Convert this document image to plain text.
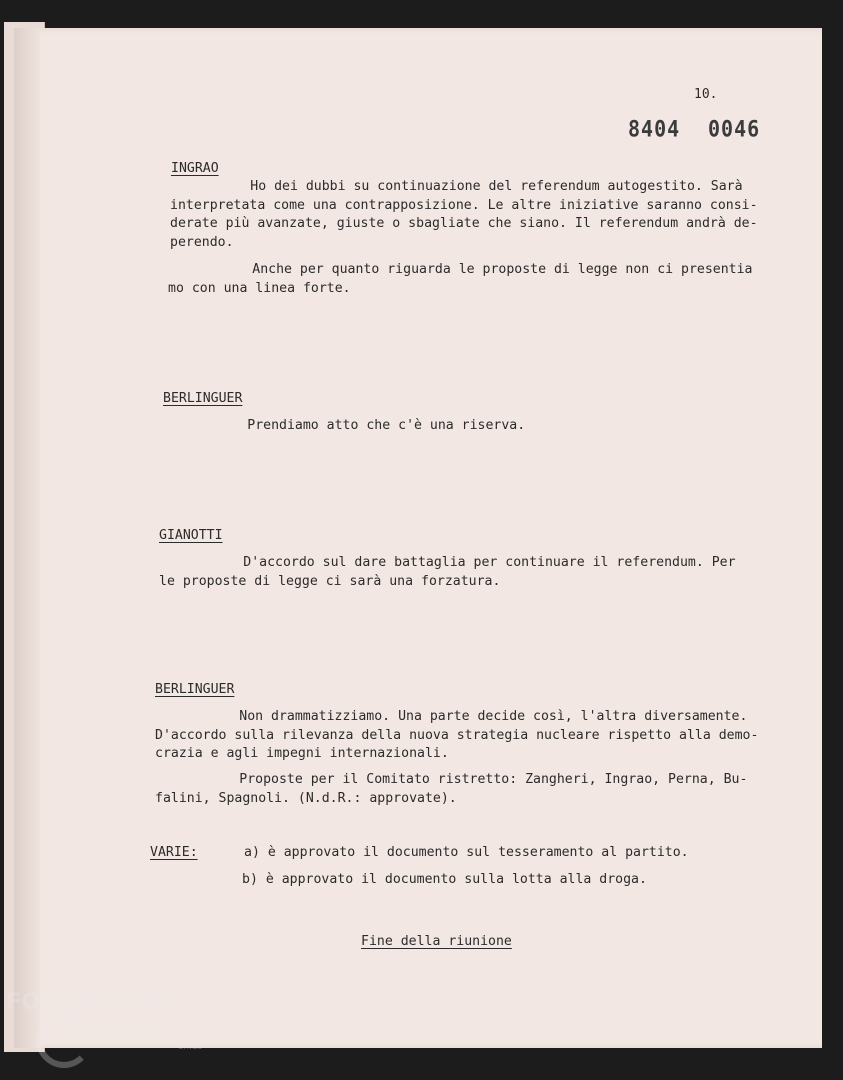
10.
8404 0046
INGRAO
Ho dei dubbi su continuazione del referendum autogestito. Sarà
interpretata come una contrapposizione. Le altre iniziative saranno consi-
derate più avanzate, giuste o sbagliate che siano. Il referendum andrà de-
perendo.
Anche per quanto riguarda le proposte di legge non ci presentia
mo con una linea forte.
BERLINGUER
Prendiamo atto che c'è una riserva.
GIANOTTI
D'accordo sul dare battaglia per continuare il referendum. Per
le proposte di legge ci sarà una forzatura.
BERLINGUER
Non drammatizziamo. Una parte decide così, l'altra diversamente.
D'accordo sulla rilevanza della nuova strategia nucleare rispetto alla demo-
crazia e agli impegni internazionali.
Proposte per il Comitato ristretto: Zangheri, Ingrao, Perna, Bu-
falini, Spagnoli. (N.d.R.: approvate).
VARIE:	a) è approvato il documento sul tesseramento al partito.
b) è approvato il documento sulla lotta alla droga.
Fine della riunione
FONDAZIONE
RAMSCI
onlus
